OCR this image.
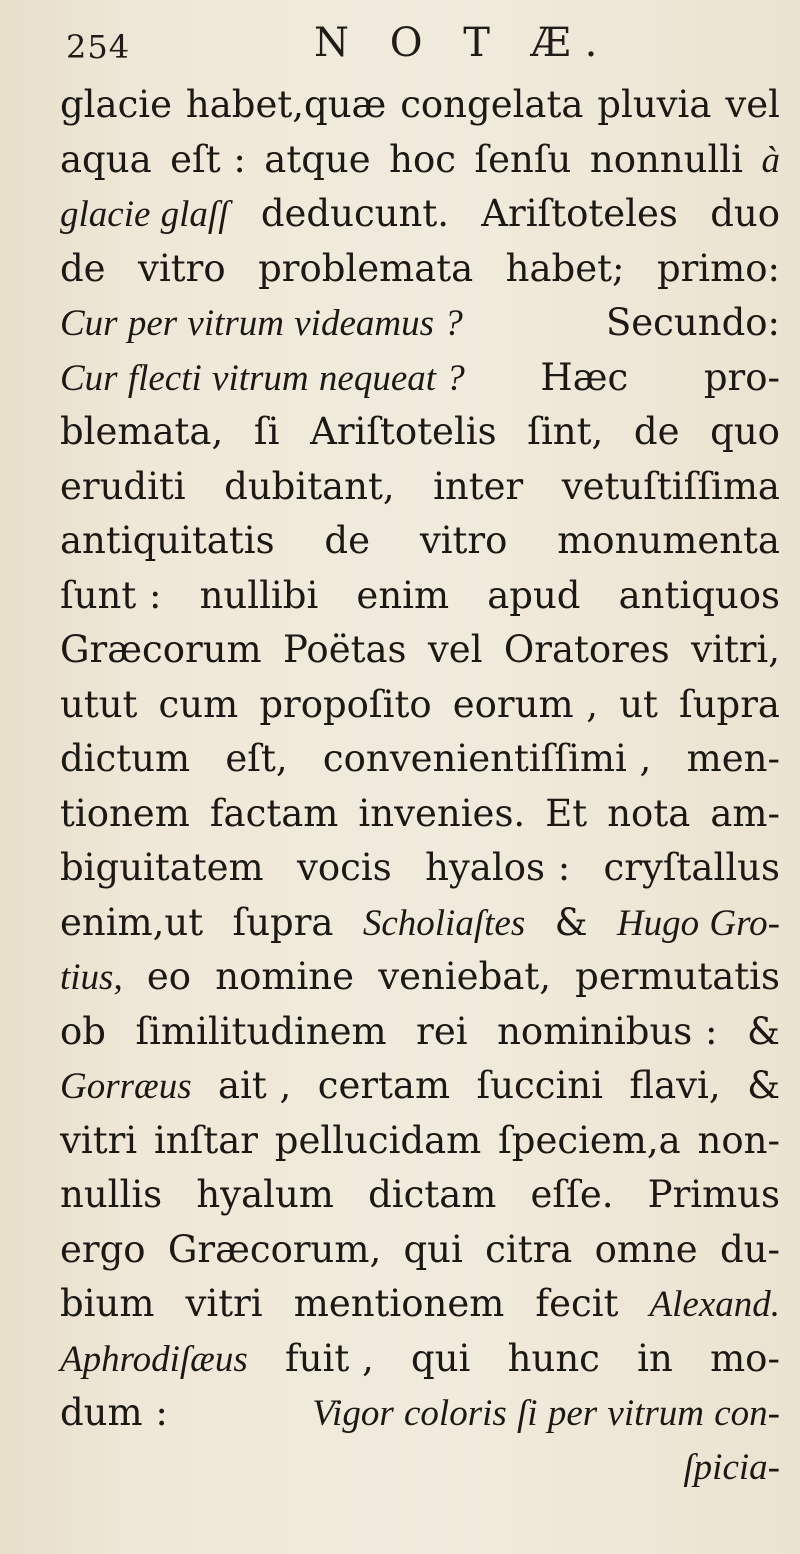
254	N O T Æ.
glacie habet,quæ congelata pluvia vel
aqua eſt : atque hoc ſenſu nonnulli à
glacie glaſſ deducunt. Ariſtoteles duo
de vitro problemata habet; primo:
Cur per vitrum videamus ?	Secundo:
Cur flecti vitrum nequeat ? Hæc pro-
blemata, ſi Ariſtotelis ſint, de quo
eruditi dubitant, inter vetuſtiſſima
antiquitatis de vitro monumenta
ſunt : nullibi enim apud antiquos
Græcorum Poëtas vel Oratores vitri,
utut cum propoſito eorum , ut ſupra
dictum eſt, convenientiſſimi , men-
tionem factam invenies. Et nota am-
biguitatem vocis hyalos : cryſtallus
enim,ut ſupra Scholiaſtes & Hugo Gro-
tius, eo nomine veniebat, permutatis
ob ſimilitudinem rei nominibus : &
Gorræus ait , certam ſuccini flavi, &
vitri inſtar pellucidam ſpeciem,a non-
nullis hyalum dictam eſſe. Primus
ergo Græcorum, qui citra omne du-
bium vitri mentionem fecit Alexand.
Aphrodiſæus fuit , qui hunc in mo-
dum :	Vigor coloris ſi per vitrum con-
ſpicia-
